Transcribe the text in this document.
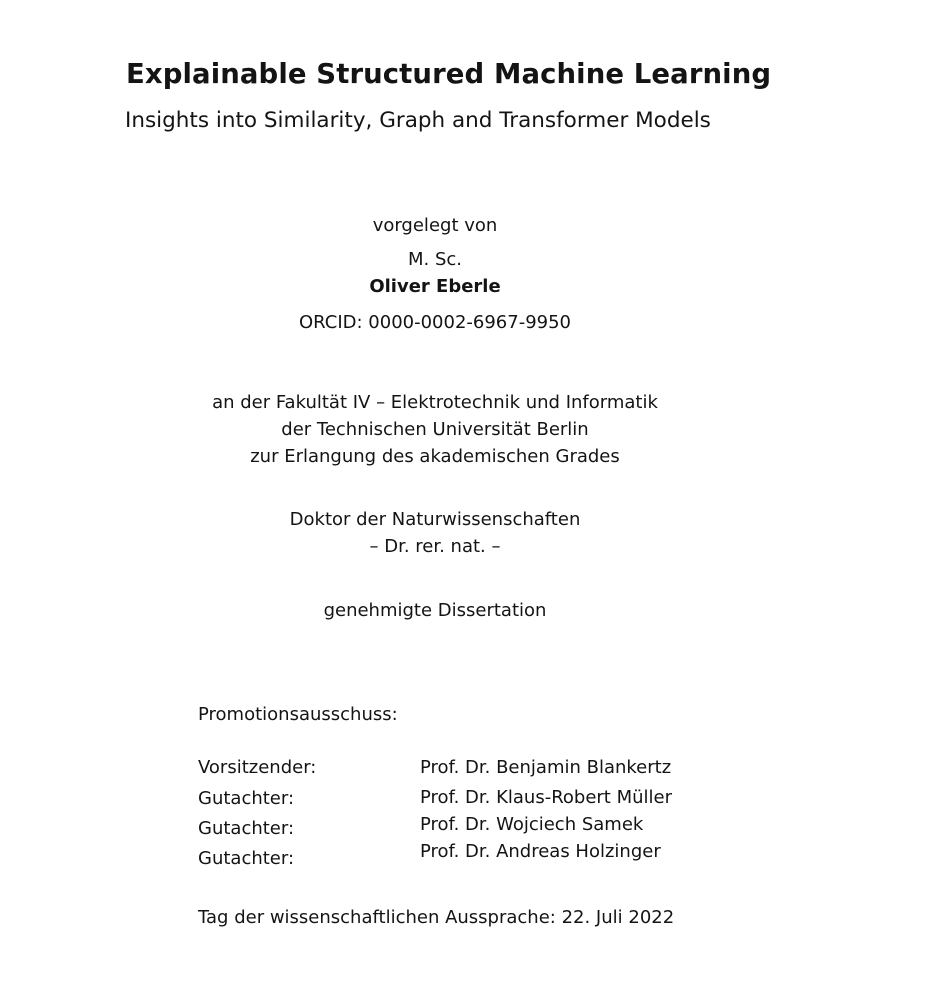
Explainable Structured Machine Learning
Insights into Similarity, Graph and Transformer Models
vorgelegt von
M. Sc.
Oliver Eberle
ORCID: 0000-0002-6967-9950
an der Fakultät IV – Elektrotechnik und Informatik
der Technischen Universität Berlin
zur Erlangung des akademischen Grades
Doktor der Naturwissenschaften
– Dr. rer. nat. –
genehmigte Dissertation
Promotionsausschuss:
Vorsitzender:	Prof. Dr. Benjamin Blankertz
Gutachter:	Prof. Dr. Klaus-Robert Müller
Gutachter:	Prof. Dr. Wojciech Samek
Gutachter:	Prof. Dr. Andreas Holzinger
Tag der wissenschaftlichen Aussprache: 22. Juli 2022
